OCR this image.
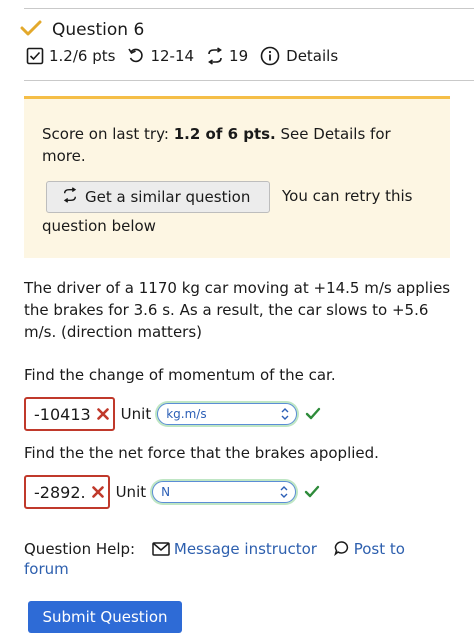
Question 6
1.2/6 pts 12-14 19	Details
Score on last try: 1.2 of 6 pts. See Details for more.
Get a similar question You can retry this
question below
The driver of a 1170 kg car moving at +14.5 m/s applies the brakes for 3.6 s. As a result, the car slows to +5.6 m/s. (direction matters)
Find the change of momentum of the car.
-10413 Unit kg.m/s
Find the the net force that the brakes apoplied.
-2892. Unit N
Question Help:	Message instructor Post to
forum
Submit Question
